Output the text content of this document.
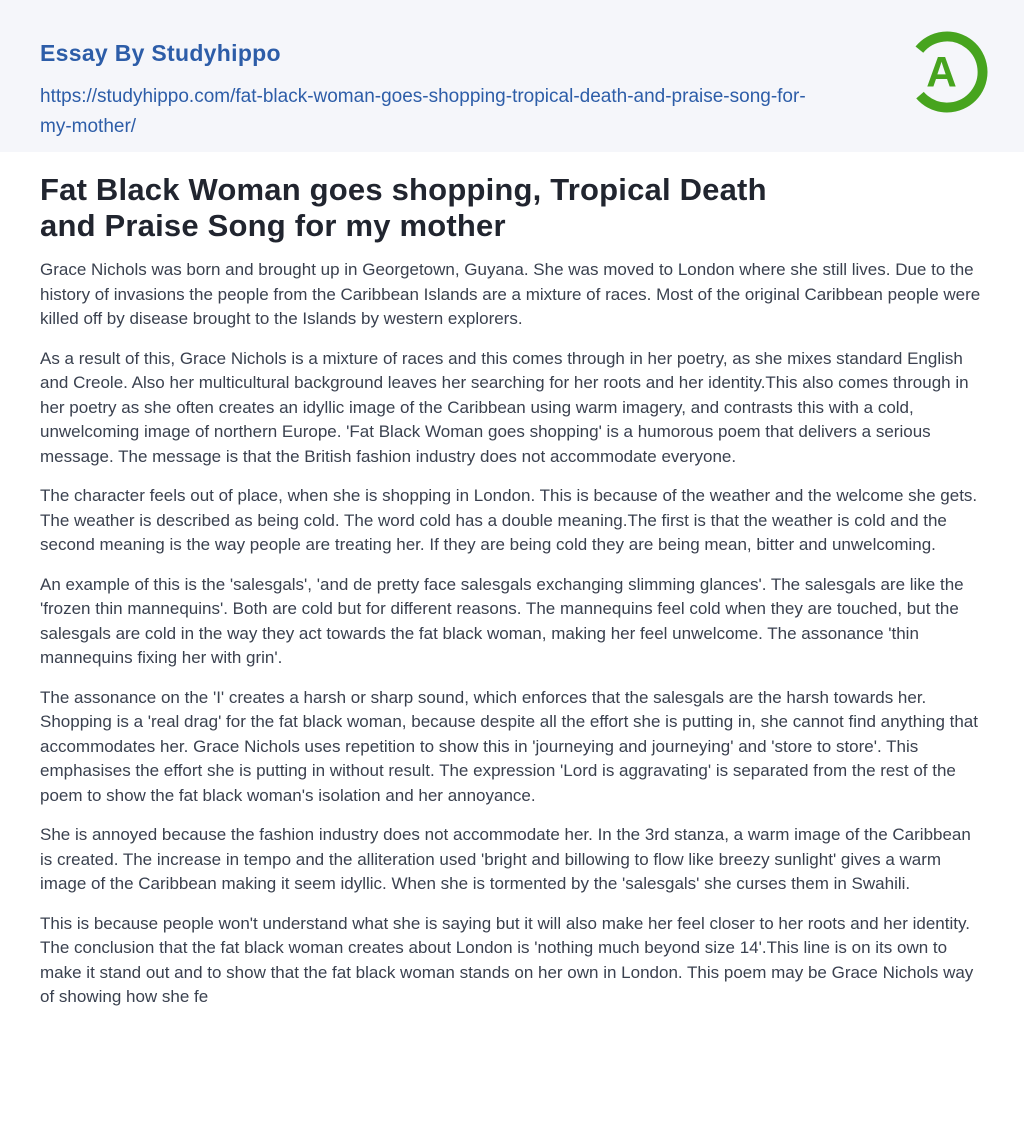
Essay By Studyhippo
https://studyhippo.com/fat-black-woman-goes-shopping-tropical-death-and-praise-song-for-
my-mother/
A
Fat Black Woman goes shopping, Tropical Death
and Praise Song for my mother

Grace Nichols was born and brought up in Georgetown, Guyana. She was moved to London where she still lives. Due to the history of invasions the people from the Caribbean Islands are a mixture of races. Most of the original Caribbean people were killed off by disease brought to the Islands by western explorers.

As a result of this, Grace Nichols is a mixture of races and this comes through in her poetry, as she mixes standard English and Creole. Also her multicultural background leaves her searching for her roots and her identity.This also comes through in her poetry as she often creates an idyllic image of the Caribbean using warm imagery, and contrasts this with a cold, unwelcoming image of northern Europe. 'Fat Black Woman goes shopping' is a humorous poem that delivers a serious message. The message is that the British fashion industry does not accommodate everyone.

The character feels out of place, when she is shopping in London. This is because of the weather and the welcome she gets. The weather is described as being cold. The word cold has a double meaning.The first is that the weather is cold and the second meaning is the way people are treating her. If they are being cold they are being mean, bitter and unwelcoming.

An example of this is the 'salesgals', 'and de pretty face salesgals exchanging slimming glances'. The salesgals are like the 'frozen thin mannequins'. Both are cold but for different reasons. The mannequins feel cold when they are touched, but the salesgals are cold in the way they act towards the fat black woman, making her feel unwelcome. The assonance 'thin mannequins fixing her with grin'.

The assonance on the 'I' creates a harsh or sharp sound, which enforces that the salesgals are the harsh towards her. Shopping is a 'real drag' for the fat black woman, because despite all the effort she is putting in, she cannot find anything that accommodates her. Grace Nichols uses repetition to show this in 'journeying and journeying' and 'store to store'. This emphasises the effort she is putting in without result. The expression 'Lord is aggravating' is separated from the rest of the poem to show the fat black woman's isolation and her annoyance.

She is annoyed because the fashion industry does not accommodate her. In the 3rd stanza, a warm image of the Caribbean is created. The increase in tempo and the alliteration used 'bright and billowing to flow like breezy sunlight' gives a warm image of the Caribbean making it seem idyllic. When she is tormented by the 'salesgals' she curses them in Swahili.

This is because people won't understand what she is saying but it will also make her feel closer to her roots and her identity. The conclusion that the fat black woman creates about London is 'nothing much beyond size 14'.This line is on its own to make it stand out and to show that the fat black woman stands on her own in London. This poem may be Grace Nichols way of showing how she fe
